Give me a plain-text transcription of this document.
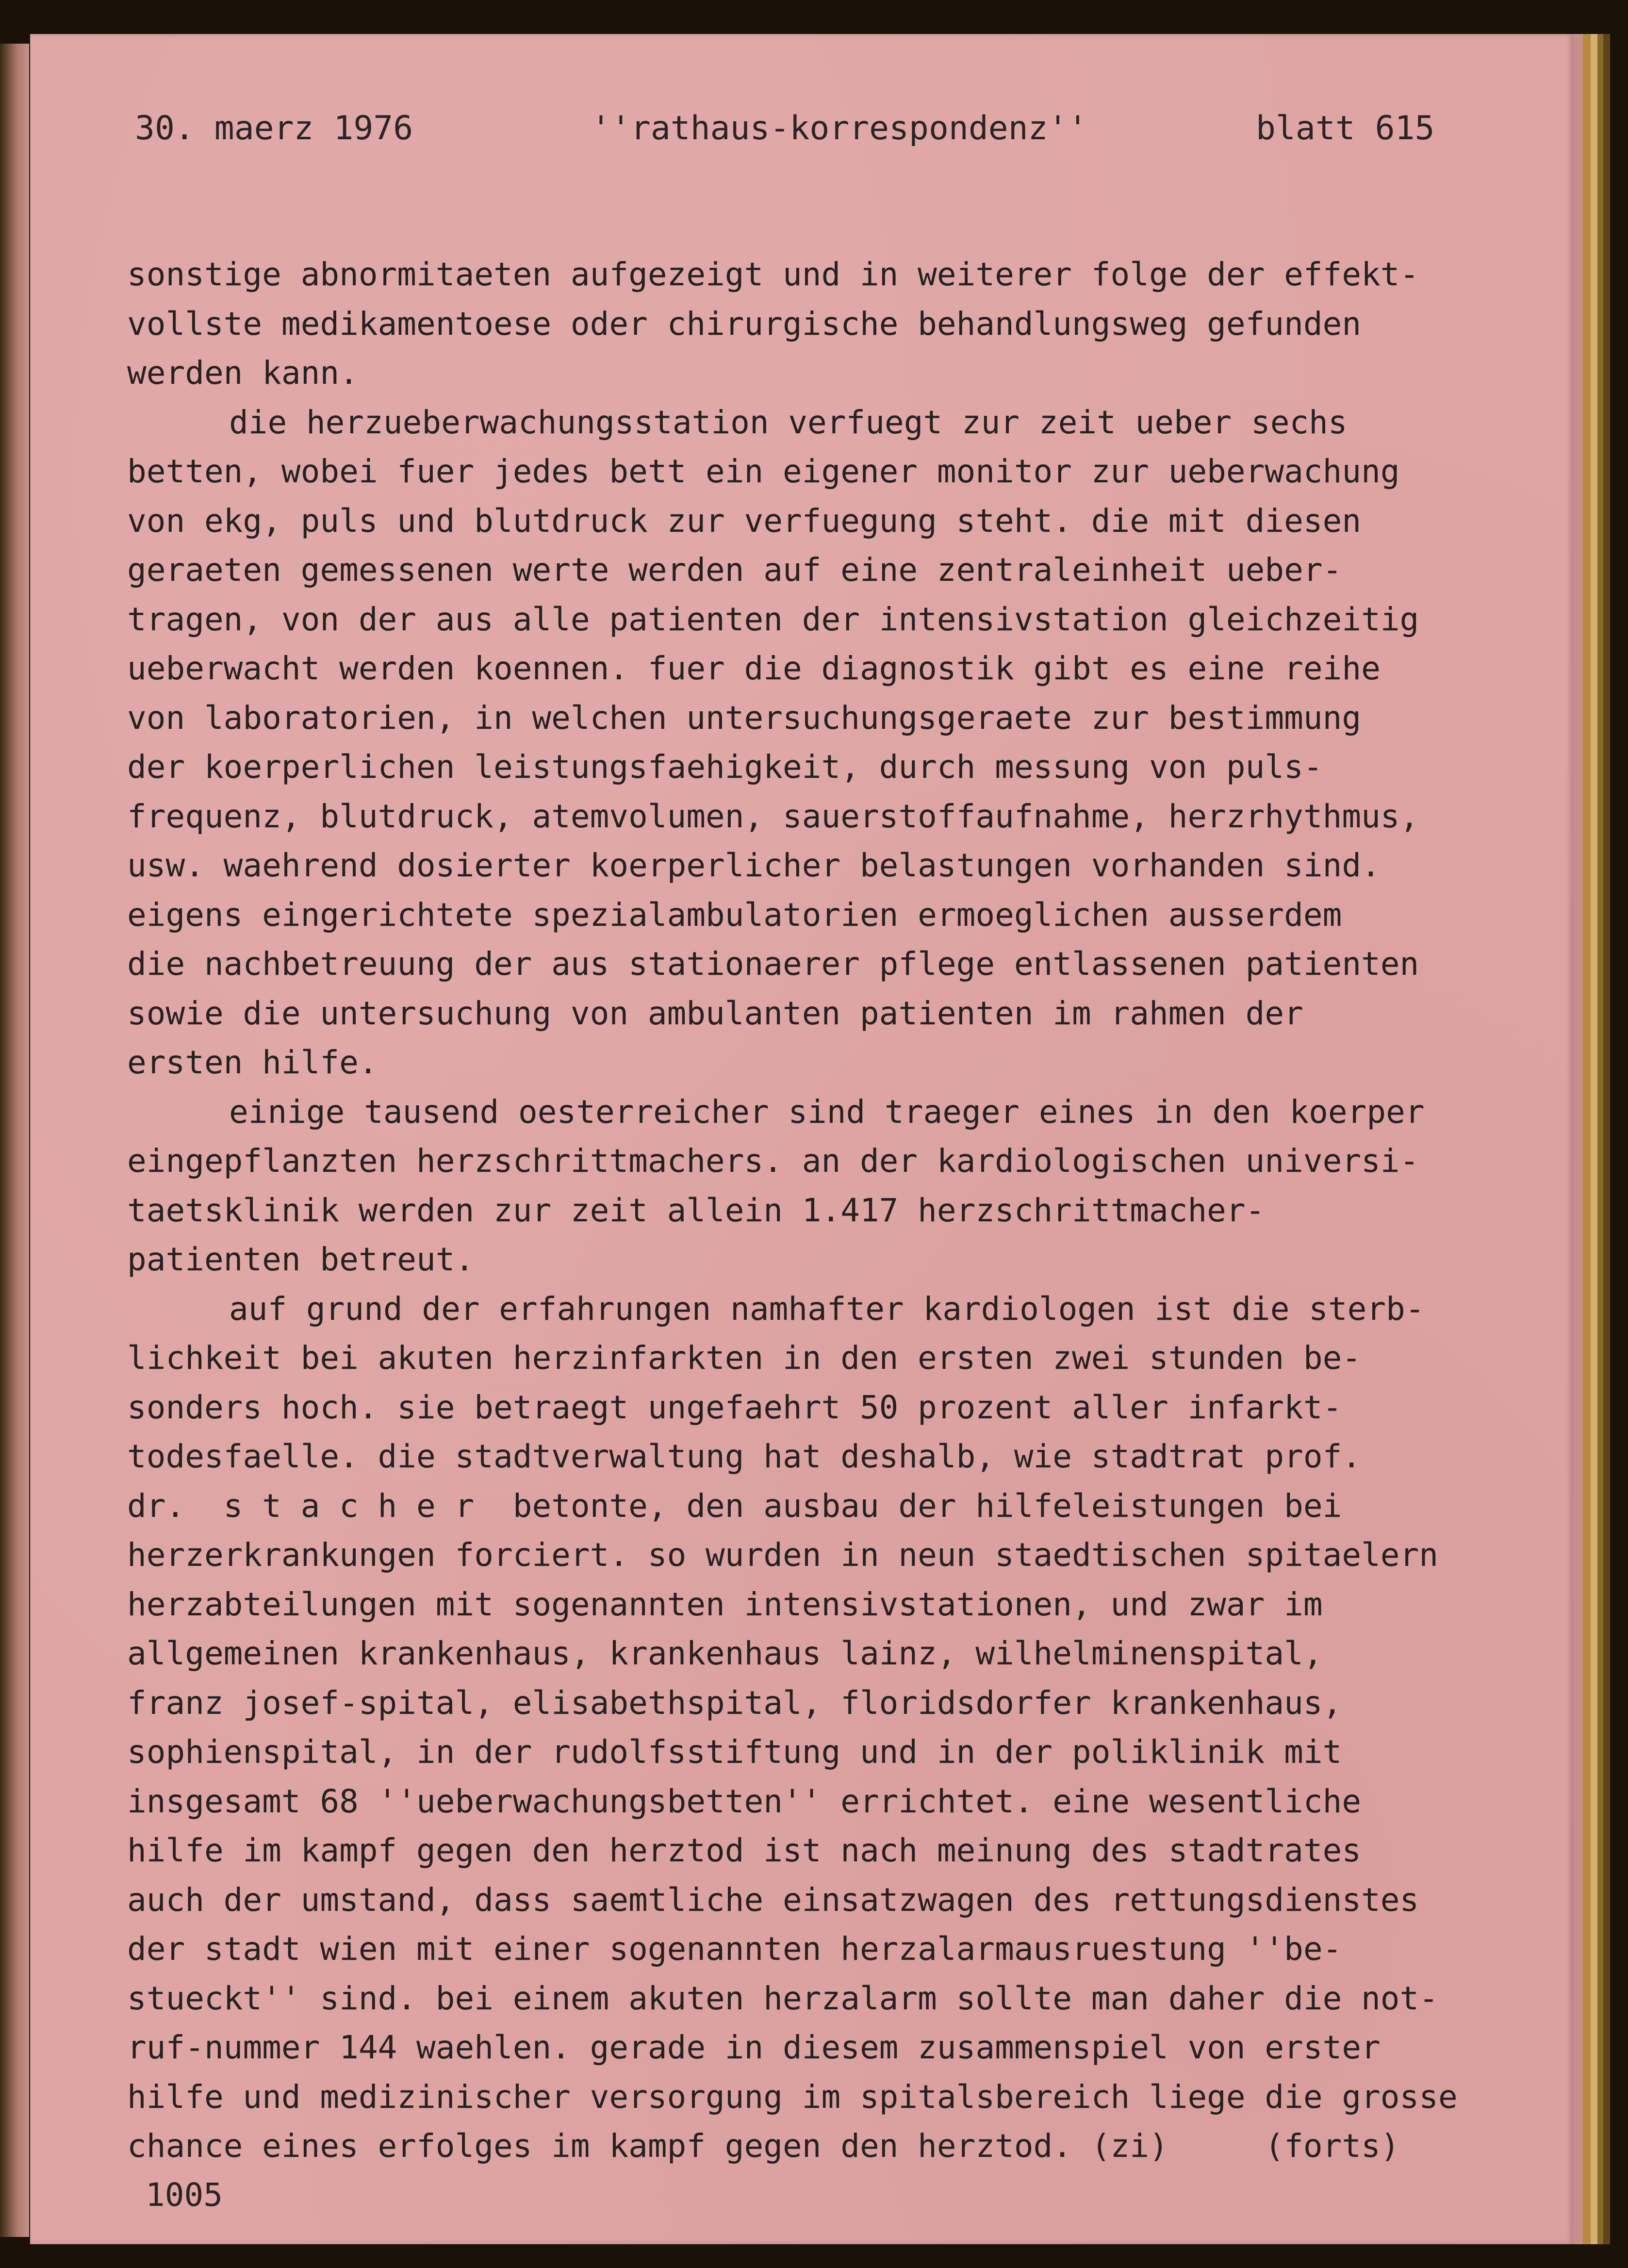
30. maerz 1976	''rathaus-korrespondenz''	blatt 615
sonstige abnormitaeten aufgezeigt und in weiterer folge der effekt-
vollste medikamentoese oder chirurgische behandlungsweg gefunden
werden kann.
die herzueberwachungsstation verfuegt zur zeit ueber sechs
betten, wobei fuer jedes bett ein eigener monitor zur ueberwachung
von ekg, puls und blutdruck zur verfuegung steht. die mit diesen
geraeten gemessenen werte werden auf eine zentraleinheit ueber-
tragen, von der aus alle patienten der intensivstation gleichzeitig
ueberwacht werden koennen. fuer die diagnostik gibt es eine reihe
von laboratorien, in welchen untersuchungsgeraete zur bestimmung
der koerperlichen leistungsfaehigkeit, durch messung von puls-
frequenz, blutdruck, atemvolumen, sauerstoffaufnahme, herzrhythmus,
usw. waehrend dosierter koerperlicher belastungen vorhanden sind.
eigens eingerichtete spezialambulatorien ermoeglichen ausserdem
die nachbetreuung der aus stationaerer pflege entlassenen patienten
sowie die untersuchung von ambulanten patienten im rahmen der
ersten hilfe.
einige tausend oesterreicher sind traeger eines in den koerper
eingepflanzten herzschrittmachers. an der kardiologischen universi-
taetsklinik werden zur zeit allein 1.417 herzschrittmacher-
patienten betreut.
auf grund der erfahrungen namhafter kardiologen ist die sterb-
lichkeit bei akuten herzinfarkten in den ersten zwei stunden be-
sonders hoch. sie betraegt ungefaehrt 50 prozent aller infarkt-
todesfaelle. die stadtverwaltung hat deshalb, wie stadtrat prof.
dr.  s t a c h e r  betonte, den ausbau der hilfeleistungen bei
herzerkrankungen forciert. so wurden in neun staedtischen spitaelern
herzabteilungen mit sogenannten intensivstationen, und zwar im
allgemeinen krankenhaus, krankenhaus lainz, wilhelminenspital,
franz josef-spital, elisabethspital, floridsdorfer krankenhaus,
sophienspital, in der rudolfsstiftung und in der poliklinik mit
insgesamt 68 ''ueberwachungsbetten'' errichtet. eine wesentliche
hilfe im kampf gegen den herztod ist nach meinung des stadtrates
auch der umstand, dass saemtliche einsatzwagen des rettungsdienstes
der stadt wien mit einer sogenannten herzalarmausruestung ''be-
stueckt'' sind. bei einem akuten herzalarm sollte man daher die not-
ruf-nummer 144 waehlen. gerade in diesem zusammenspiel von erster
hilfe und medizinischer versorgung im spitalsbereich liege die grosse
chance eines erfolges im kampf gegen den herztod. (zi)     (forts)
1005
